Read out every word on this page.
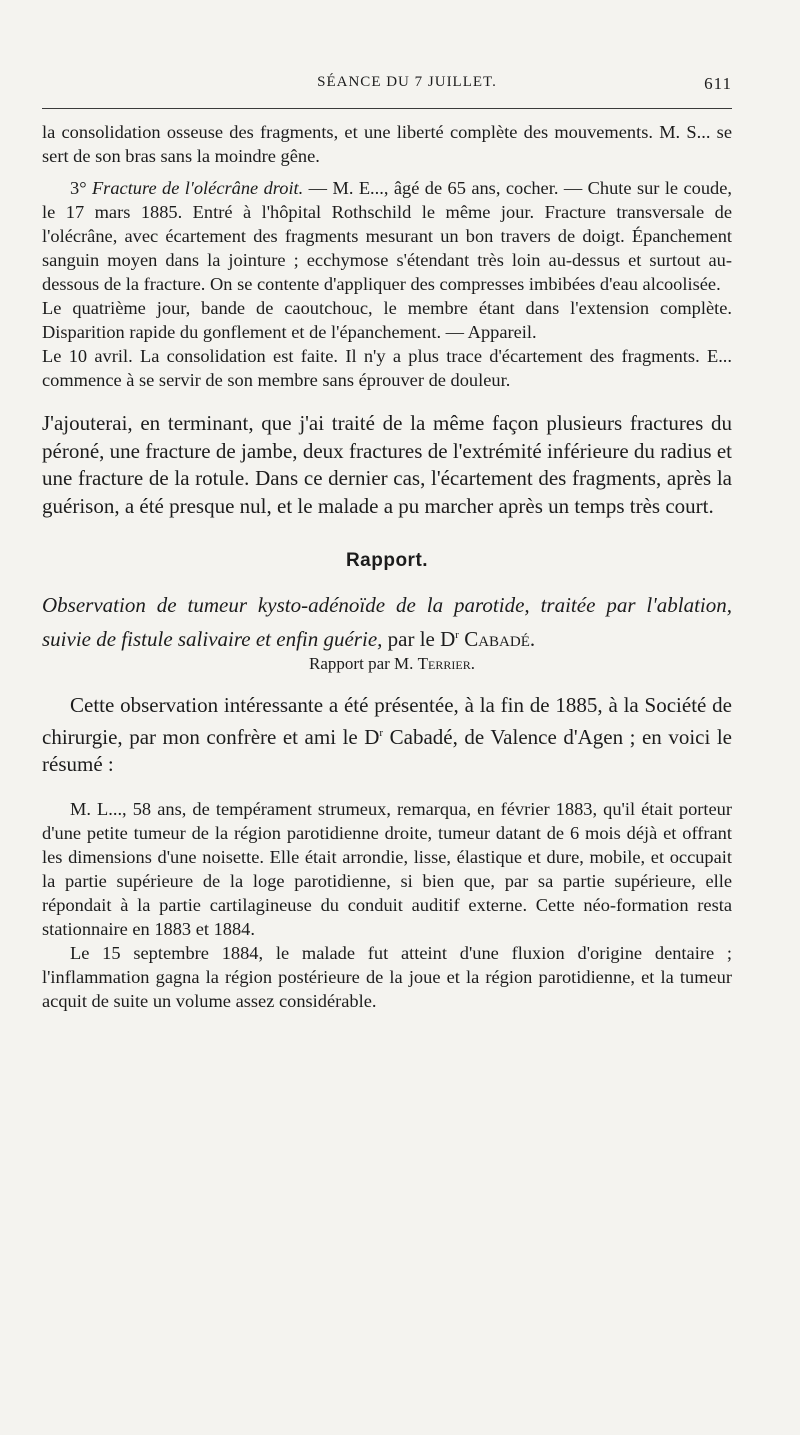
SÉANCE DU 7 JUILLET.	611

la consolidation osseuse des fragments, et une liberté complète des mouvements. M. S... se sert de son bras sans la moindre gêne.

3° Fracture de l'olécrâne droit. — M. E..., âgé de 65 ans, cocher. — Chute sur le coude, le 17 mars 1885. Entré à l'hôpital Rothschild le même jour. Fracture transversale de l'olécrâne, avec écartement des fragments mesurant un bon travers de doigt. Épanchement sanguin moyen dans la jointure ; ecchymose s'étendant très loin au-dessus et surtout au-dessous de la fracture. On se contente d'appliquer des compresses imbibées d'eau alcoolisée.

Le quatrième jour, bande de caoutchouc, le membre étant dans l'extension complète. Disparition rapide du gonflement et de l'épanchement. — Appareil.

Le 10 avril. La consolidation est faite. Il n'y a plus trace d'écartement des fragments. E... commence à se servir de son membre sans éprouver de douleur.

J'ajouterai, en terminant, que j'ai traité de la même façon plusieurs fractures du péroné, une fracture de jambe, deux fractures de l'extrémité inférieure du radius et une fracture de la rotule. Dans ce dernier cas, l'écartement des fragments, après la guérison, a été presque nul, et le malade a pu marcher après un temps très court.

Rapport.

Observation de tumeur kysto-adénoïde de la parotide, traitée par l'ablation, suivie de fistule salivaire et enfin guérie, par le $D^r$ Cabadé.

Rapport par M. Terrier.

Cette observation intéressante a été présentée, à la fin de 1885, à la Société de chirurgie, par mon confrère et ami le $D^r$ Cabadé, de Valence d'Agen ; en voici le résumé :

M. L..., 58 ans, de tempérament strumeux, remarqua, en février 1883, qu'il était porteur d'une petite tumeur de la région parotidienne droite, tumeur datant de 6 mois déjà et offrant les dimensions d'une noisette. Elle était arrondie, lisse, élastique et dure, mobile, et occupait la partie supérieure de la loge parotidienne, si bien que, par sa partie supérieure, elle répondait à la partie cartilagineuse du conduit auditif externe. Cette néo-formation resta stationnaire en 1883 et 1884.

Le 15 septembre 1884, le malade fut atteint d'une fluxion d'origine dentaire ; l'inflammation gagna la région postérieure de la joue et la région parotidienne, et la tumeur acquit de suite un volume assez considérable.
